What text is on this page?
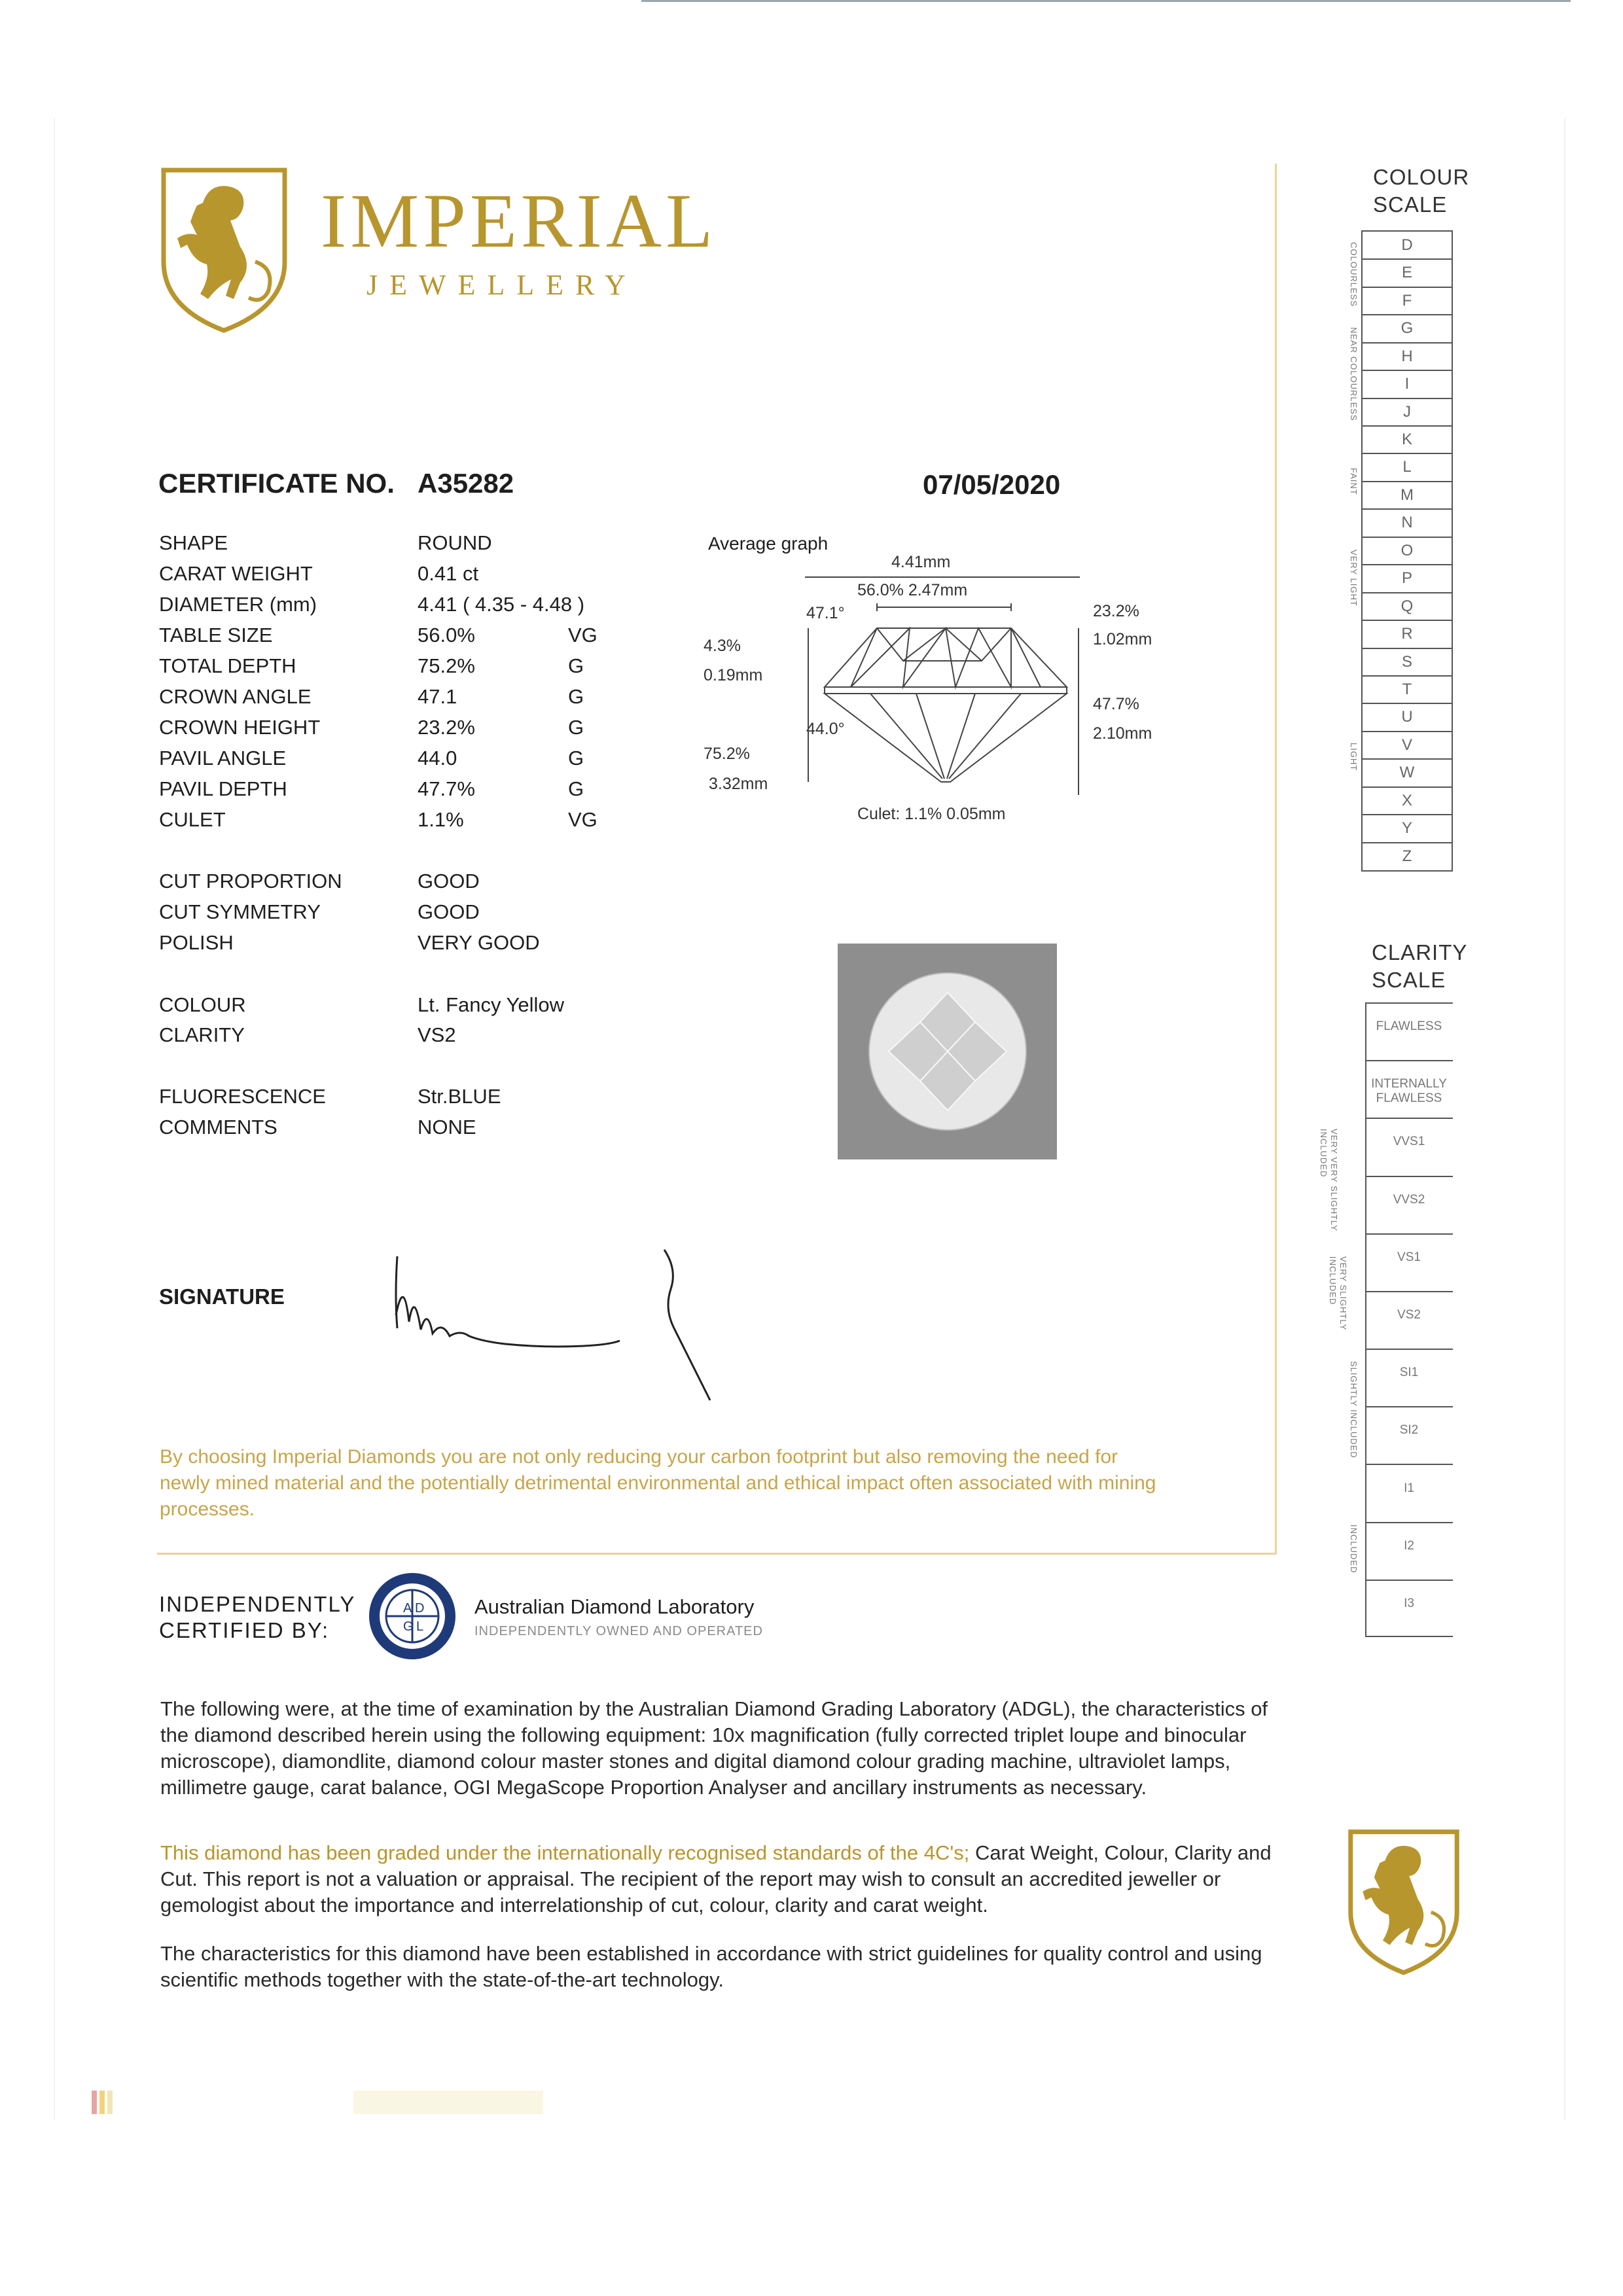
IMPERIAL
JEWELLERY
CERTIFICATE NO. A35282	07/05/2020
SHAPE	ROUND
CARAT WEIGHT	0.41 ct
DIAMETER (mm)	4.41 ( 4.35 - 4.48 )
TABLE SIZE	56.0%	VG
TOTAL DEPTH	75.2%	G
CROWN ANGLE	47.1	G
CROWN HEIGHT	23.2%	G
PAVIL ANGLE	44.0	G
PAVIL DEPTH	47.7%	G
CULET	1.1%	VG
CUT PROPORTION	GOOD
CUT SYMMETRY	GOOD
POLISH	VERY GOOD
COLOUR	Lt. Fancy Yellow
CLARITY	VS2
FLUORESCENCE	Str.BLUE
COMMENTS	NONE
Average graph
4.41mm
56.0% 2.47mm
47.1°	23.2%
1.02mm
4.3%
0.19mm
44.0°
47.7%
2.10mm
75.2%
3.32mm
Culet: 1.1% 0.05mm
SIGNATURE
By choosing Imperial Diamonds you are not only reducing your carbon footprint but also removing the need for newly mined material and the potentially detrimental environmental and ethical impact often associated with mining processes.
INDEPENDENTLY CERTIFIED BY:
A D
G L
Australian Diamond Laboratory
INDEPENDENTLY OWNED AND OPERATED
The following were, at the time of examination by the Australian Diamond Grading Laboratory (ADGL), the characteristics of the diamond described herein using the following equipment: 10x magnification (fully corrected triplet loupe and binocular microscope), diamondlite, diamond colour master stones and digital diamond colour grading machine, ultraviolet lamps, millimetre gauge, carat balance, OGI MegaScope Proportion Analyser and ancillary instruments as necessary.
This diamond has been graded under the internationally recognised standards of the 4C's; Carat Weight, Colour, Clarity and Cut. This report is not a valuation or appraisal. The recipient of the report may wish to consult an accredited jeweller or gemologist about the importance and interrelationship of cut, colour, clarity and carat weight.
The characteristics for this diamond have been established in accordance with strict guidelines for quality control and using scientific methods together with the state-of-the-art technology.
COLOUR
SCALE
D
E
F
G
H
I
J
K
L
M
N
O
P
Q
R
S
T
U
V
W
X
Y
Z
COLOURLESS
NEAR COLOURLESS
FAINT
VERY LIGHT
LIGHT
CLARITY
SCALE
FLAWLESS
INTERNALLY FLAWLESS
VVS1
VVS2
VS1
VS2
SI1
SI2
I1
I2
I3
VERY VERY SLIGHTLY INCLUDED
VERY SLIGHTLY INCLUDED
SLIGHTLY INCLUDED
INCLUDED
